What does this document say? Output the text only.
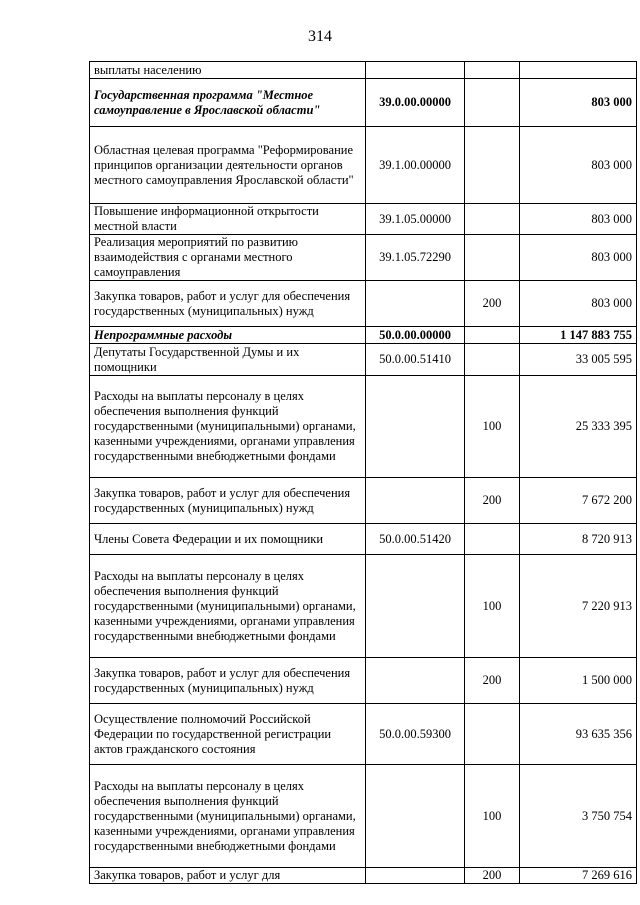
314
выплаты населению			
Государственная программа "Местное самоуправление в Ярославской области"	39.0.00.00000		803 000
Областная целевая программа "Реформирование принципов организации деятельности органов местного самоуправления Ярославской области"	39.1.00.00000		803 000
Повышение информационной открытости местной власти	39.1.05.00000		803 000
Реализация мероприятий по развитию взаимодействия с органами местного самоуправления	39.1.05.72290		803 000
Закупка товаров, работ и услуг для обеспечения государственных (муниципальных) нужд		200	803 000
Непрограммные расходы	50.0.00.00000		1 147 883 755
Депутаты Государственной Думы и их помощники	50.0.00.51410		33 005 595
Расходы на выплаты персоналу в целях обеспечения выполнения функций государственными (муниципальными) органами, казенными учреждениями, органами управления государственными внебюджетными фондами		100	25 333 395
Закупка товаров, работ и услуг для обеспечения государственных (муниципальных) нужд		200	7 672 200
Члены Совета Федерации и их помощники	50.0.00.51420		8 720 913
Расходы на выплаты персоналу в целях обеспечения выполнения функций государственными (муниципальными) органами, казенными учреждениями, органами управления государственными внебюджетными фондами		100	7 220 913
Закупка товаров, работ и услуг для обеспечения государственных (муниципальных) нужд		200	1 500 000
Осуществление полномочий Российской Федерации по государственной регистрации актов гражданского состояния	50.0.00.59300		93 635 356
Расходы на выплаты персоналу в целях обеспечения выполнения функций государственными (муниципальными) органами, казенными учреждениями, органами управления государственными внебюджетными фондами		100	3 750 754
Закупка товаров, работ и услуг для		200	7 269 616
